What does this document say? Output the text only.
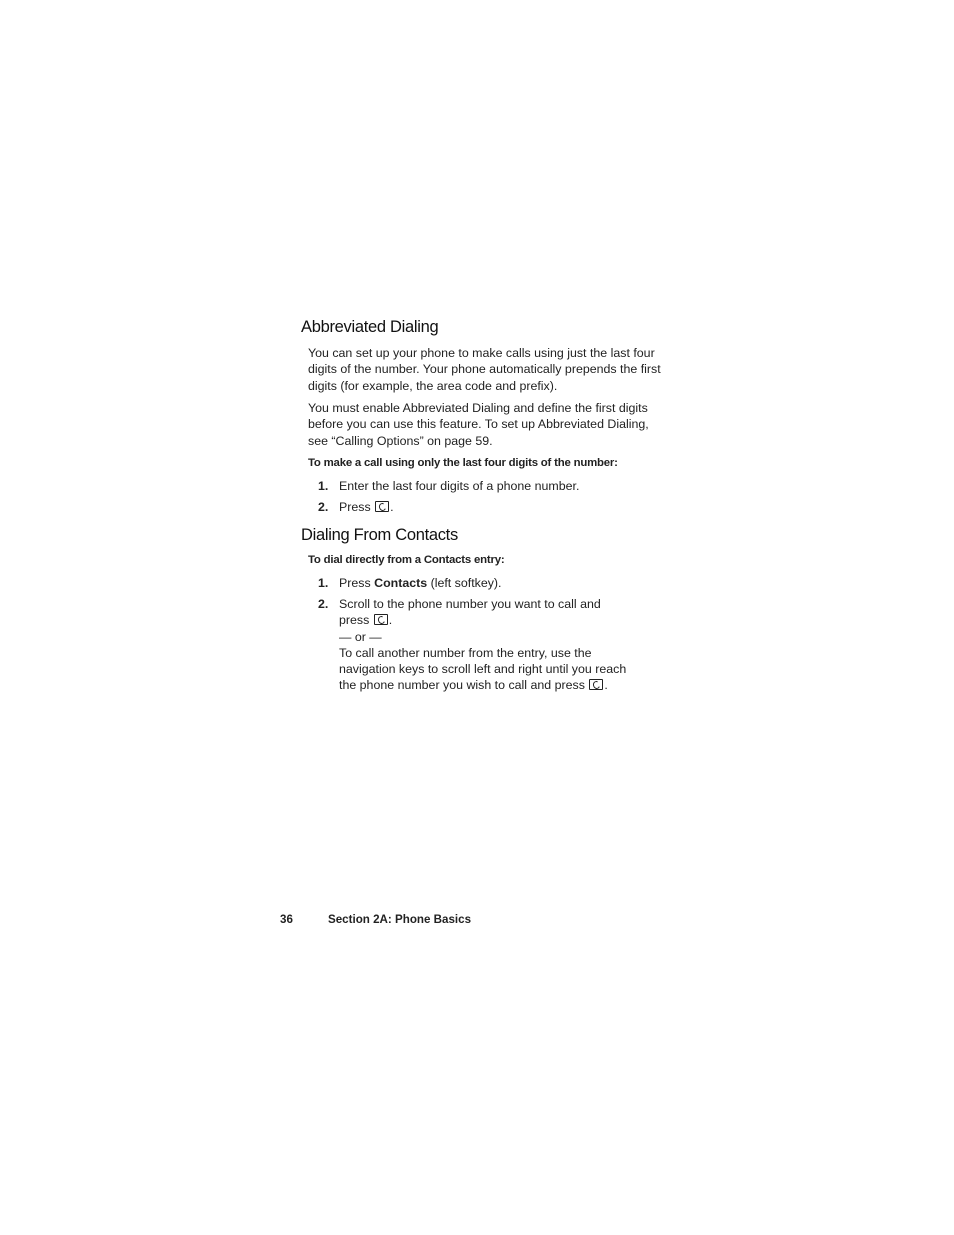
Abbreviated Dialing

You can set up your phone to make calls using just the last four digits of the number. Your phone automatically prepends the first digits (for example, the area code and prefix).

You must enable Abbreviated Dialing and define the first digits before you can use this feature. To set up Abbreviated Dialing, see “Calling Options” on page 59.

To make a call using only the last four digits of the number:

1. Enter the last four digits of a phone number.
2. Press .
Dialing From Contacts

To dial directly from a Contacts entry:

1. Press Contacts (left softkey).
2. Scroll to the phone number you want to call and
press .
— or —
To call another number from the entry, use the
navigation keys to scroll left and right until you reach
the phone number you wish to call and press .
36	Section 2A: Phone Basics
